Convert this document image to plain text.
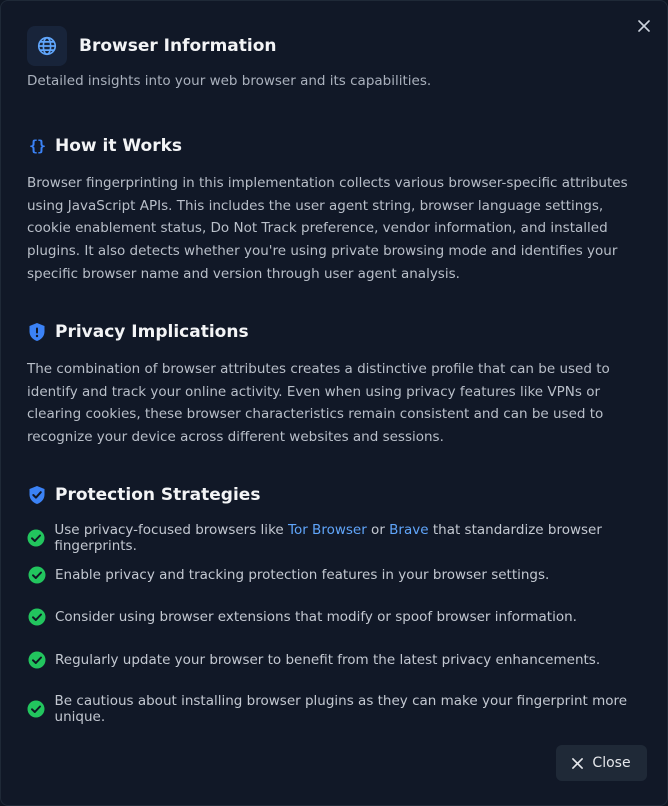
Browser Information
Detailed insights into your web browser and its capabilities.
{} How it Works

Browser fingerprinting in this implementation collects various browser-specific attributes using JavaScript APIs. This includes the user agent string, browser language settings, cookie enablement status, Do Not Track preference, vendor information, and installed plugins. It also detects whether you're using private browsing mode and identifies your specific browser name and version through user agent analysis.

Privacy Implications

The combination of browser attributes creates a distinctive profile that can be used to identify and track your online activity. Even when using privacy features like VPNs or clearing cookies, these browser characteristics remain consistent and can be used to recognize your device across different websites and sessions.

Protection Strategies
Use privacy-focused browsers like Tor Browser or Brave that standardize browser fingerprints.
Enable privacy and tracking protection features in your browser settings.
Consider using browser extensions that modify or spoof browser information.
Regularly update your browser to benefit from the latest privacy enhancements.
Be cautious about installing browser plugins as they can make your fingerprint more unique.
Close
